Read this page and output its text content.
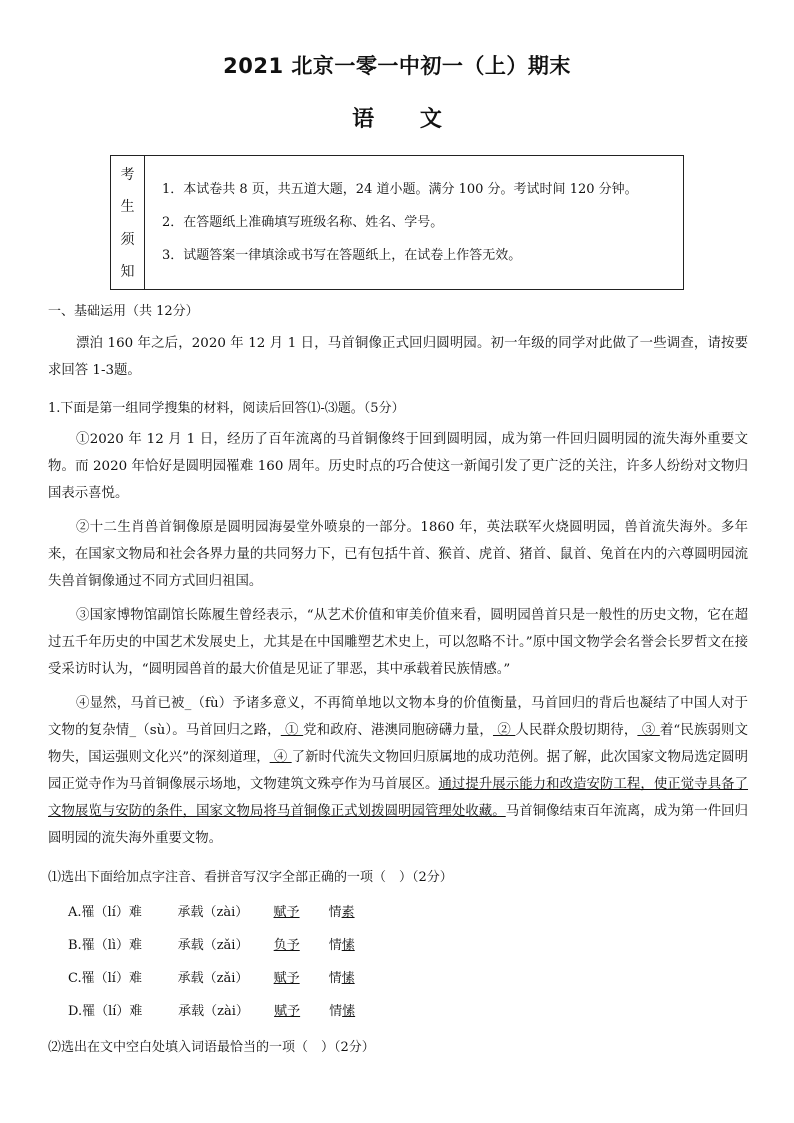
2021 北京一零一中初一（上）期末
语 文
考
生
须
知
1．本试卷共 8 页，共五道大题，24 道小题。满分 100 分。考试时间 120 分钟。
2．在答题纸上准确填写班级名称、姓名、学号。
3．试题答案一律填涂或书写在答题纸上，在试卷上作答无效。
一、基础运用（共 12分）
漂泊 160 年之后，2020 年 12 月 1 日，马首铜像正式回归圆明园。初一年级的同学对此做了一些调查，请按要求回答 1-3题。
1.下面是第一组同学搜集的材料，阅读后回答⑴-⑶题。（5分）
①2020 年 12 月 1 日，经历了百年流离的马首铜像终于回到圆明园，成为第一件回归圆明园的流失海外重要文物。而 2020 年恰好是圆明园罹难 160 周年。历史时点的巧合使这一新闻引发了更广泛的关注，许多人纷纷对文物归国表示喜悦。
②十二生肖兽首铜像原是圆明园海晏堂外喷泉的一部分。1860 年，英法联军火烧圆明园，兽首流失海外。多年来，在国家文物局和社会各界力量的共同努力下，已有包括牛首、猴首、虎首、猪首、鼠首、兔首在内的六尊圆明园流失兽首铜像通过不同方式回归祖国。
③国家博物馆副馆长陈履生曾经表示，“从艺术价值和审美价值来看，圆明园兽首只是一般性的历史文物，它在超过五千年历史的中国艺术发展史上，尤其是在中国雕塑艺术史上，可以忽略不计。”原中国文物学会名誉会长罗哲文在接受采访时认为，“圆明园兽首的最大价值是见证了罪恶，其中承载着民族情感。”
④显然，马首已被_（fù）予诸多意义，不再简单地以文物本身的价值衡量，马首回归的背后也凝结了中国人对于文物的复杂情_（sù）。马首回归之路， ① 党和政府、港澳同胞磅礴力量， ② 人民群众殷切期待， ③ 着“民族弱则文物失，国运强则文化兴”的深刻道理， ④ 了新时代流失文物回归原属地的成功范例。据了解，此次国家文物局选定圆明园正觉寺作为马首铜像展示场地，文物建筑文殊亭作为马首展区。通过提升展示能力和改造安防工程，使正觉寺具备了文物展览与安防的条件，国家文物局将马首铜像正式划拨圆明园管理处收藏。马首铜像结束百年流离，成为第一件回归圆明园的流失海外重要文物。
⑴选出下面给加点字注音、看拼音写汉字全部正确的一项（　）（2分）
A.罹（lí）难	承载（zài） 赋予 情素
B.罹（lì）难	承载（zǎi） 负予 情愫
C.罹（lí）难	承载（zǎi） 赋予 情愫
D.罹（lí）难	承载（zài） 赋予 情愫
⑵选出在文中空白处填入词语最恰当的一项（　）（2分）
